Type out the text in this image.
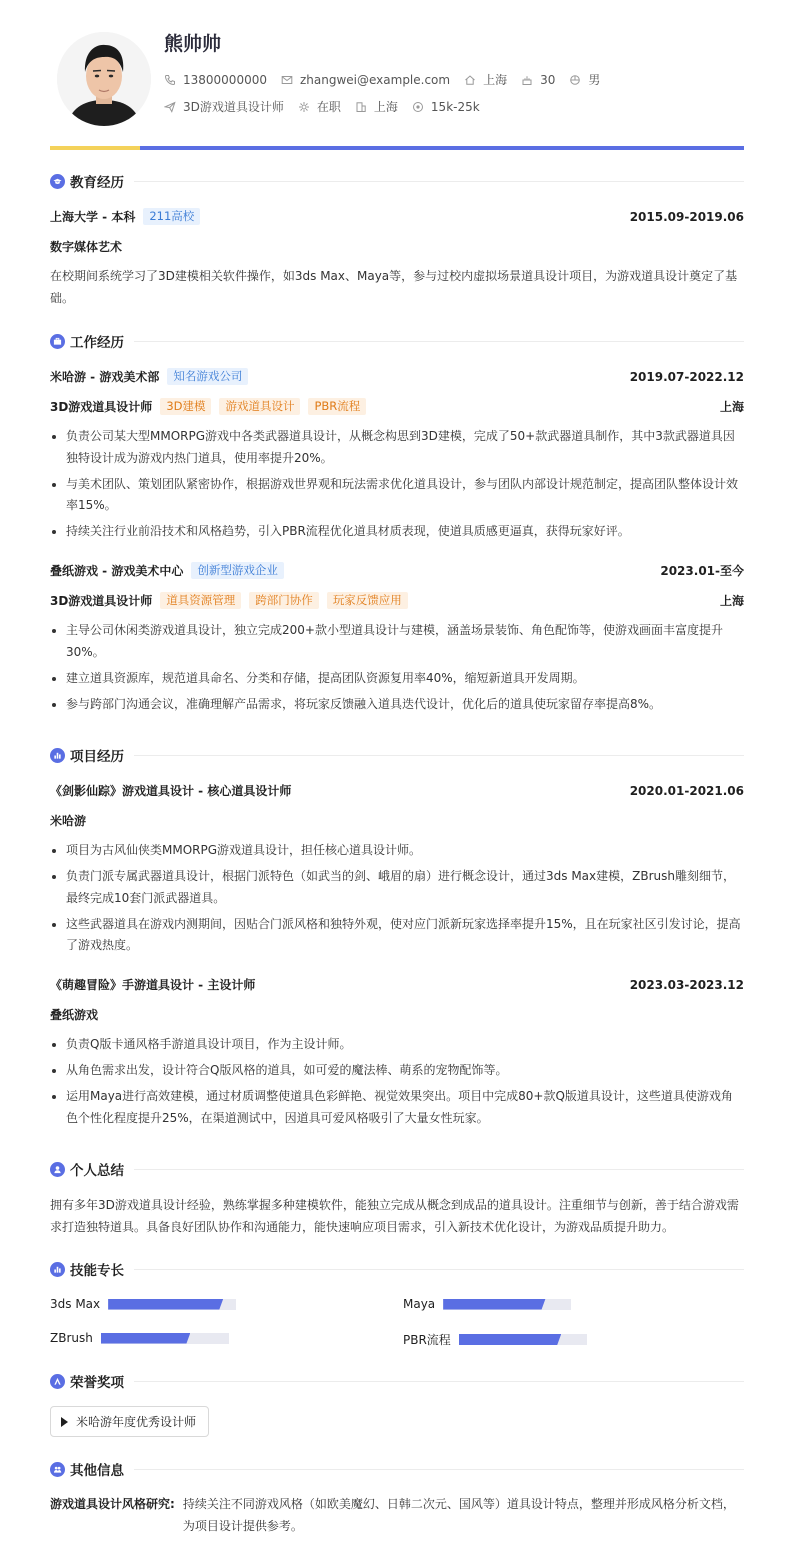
熊帅帅
13800000000	zhangwei@example.com	上海	30	男
3D游戏道具设计师	在职	上海	15k-25k
教育经历
上海大学 - 本科	211高校	2015.09-2019.06
数字媒体艺术
在校期间系统学习了3D建模相关软件操作，如3ds Max、Maya等，参与过校内虚拟场景道具设计项目，为游戏道具设计奠定了基础。
工作经历
米哈游 - 游戏美术部	知名游戏公司	2019.07-2022.12
3D游戏道具设计师	3D建模	游戏道具设计	PBR流程	上海
负责公司某大型MMORPG游戏中各类武器道具设计，从概念构思到3D建模，完成了50+款武器道具制作，其中3款武器道具因独特设计成为游戏内热门道具，使用率提升20%。
与美术团队、策划团队紧密协作，根据游戏世界观和玩法需求优化道具设计，参与团队内部设计规范制定，提高团队整体设计效率15%。
持续关注行业前沿技术和风格趋势，引入PBR流程优化道具材质表现，使道具质感更逼真，获得玩家好评。
叠纸游戏 - 游戏美术中心	创新型游戏企业	2023.01-至今
3D游戏道具设计师	道具资源管理	跨部门协作	玩家反馈应用	上海
主导公司休闲类游戏道具设计，独立完成200+款小型道具设计与建模，涵盖场景装饰、角色配饰等，使游戏画面丰富度提升30%。
建立道具资源库，规范道具命名、分类和存储，提高团队资源复用率40%，缩短新道具开发周期。
参与跨部门沟通会议，准确理解产品需求，将玩家反馈融入道具迭代设计，优化后的道具使玩家留存率提高8%。
项目经历
《剑影仙踪》游戏道具设计 - 核心道具设计师	2020.01-2021.06
米哈游
项目为古风仙侠类MMORPG游戏道具设计，担任核心道具设计师。
负责门派专属武器道具设计，根据门派特色（如武当的剑、峨眉的扇）进行概念设计，通过3ds Max建模，ZBrush雕刻细节，最终完成10套门派武器道具。
这些武器道具在游戏内测期间，因贴合门派风格和独特外观，使对应门派新玩家选择率提升15%，且在玩家社区引发讨论，提高了游戏热度。
《萌趣冒险》手游道具设计 - 主设计师	2023.03-2023.12
叠纸游戏
负责Q版卡通风格手游道具设计项目，作为主设计师。
从角色需求出发，设计符合Q版风格的道具，如可爱的魔法棒、萌系的宠物配饰等。
运用Maya进行高效建模，通过材质调整使道具色彩鲜艳、视觉效果突出。项目中完成80+款Q版道具设计，这些道具使游戏角色个性化程度提升25%，在渠道测试中，因道具可爱风格吸引了大量女性玩家。
个人总结
拥有多年3D游戏道具设计经验，熟练掌握多种建模软件，能独立完成从概念到成品的道具设计。注重细节与创新，善于结合游戏需求打造独特道具。具备良好团队协作和沟通能力，能快速响应项目需求，引入新技术优化设计，为游戏品质提升助力。
技能专长
3ds Max	Maya
ZBrush	PBR流程
荣誉奖项
米哈游年度优秀设计师
其他信息
游戏道具设计风格研究: 持续关注不同游戏风格（如欧美魔幻、日韩二次元、国风等）道具设计特点，整理并形成风格分析文档，为项目设计提供参考。
